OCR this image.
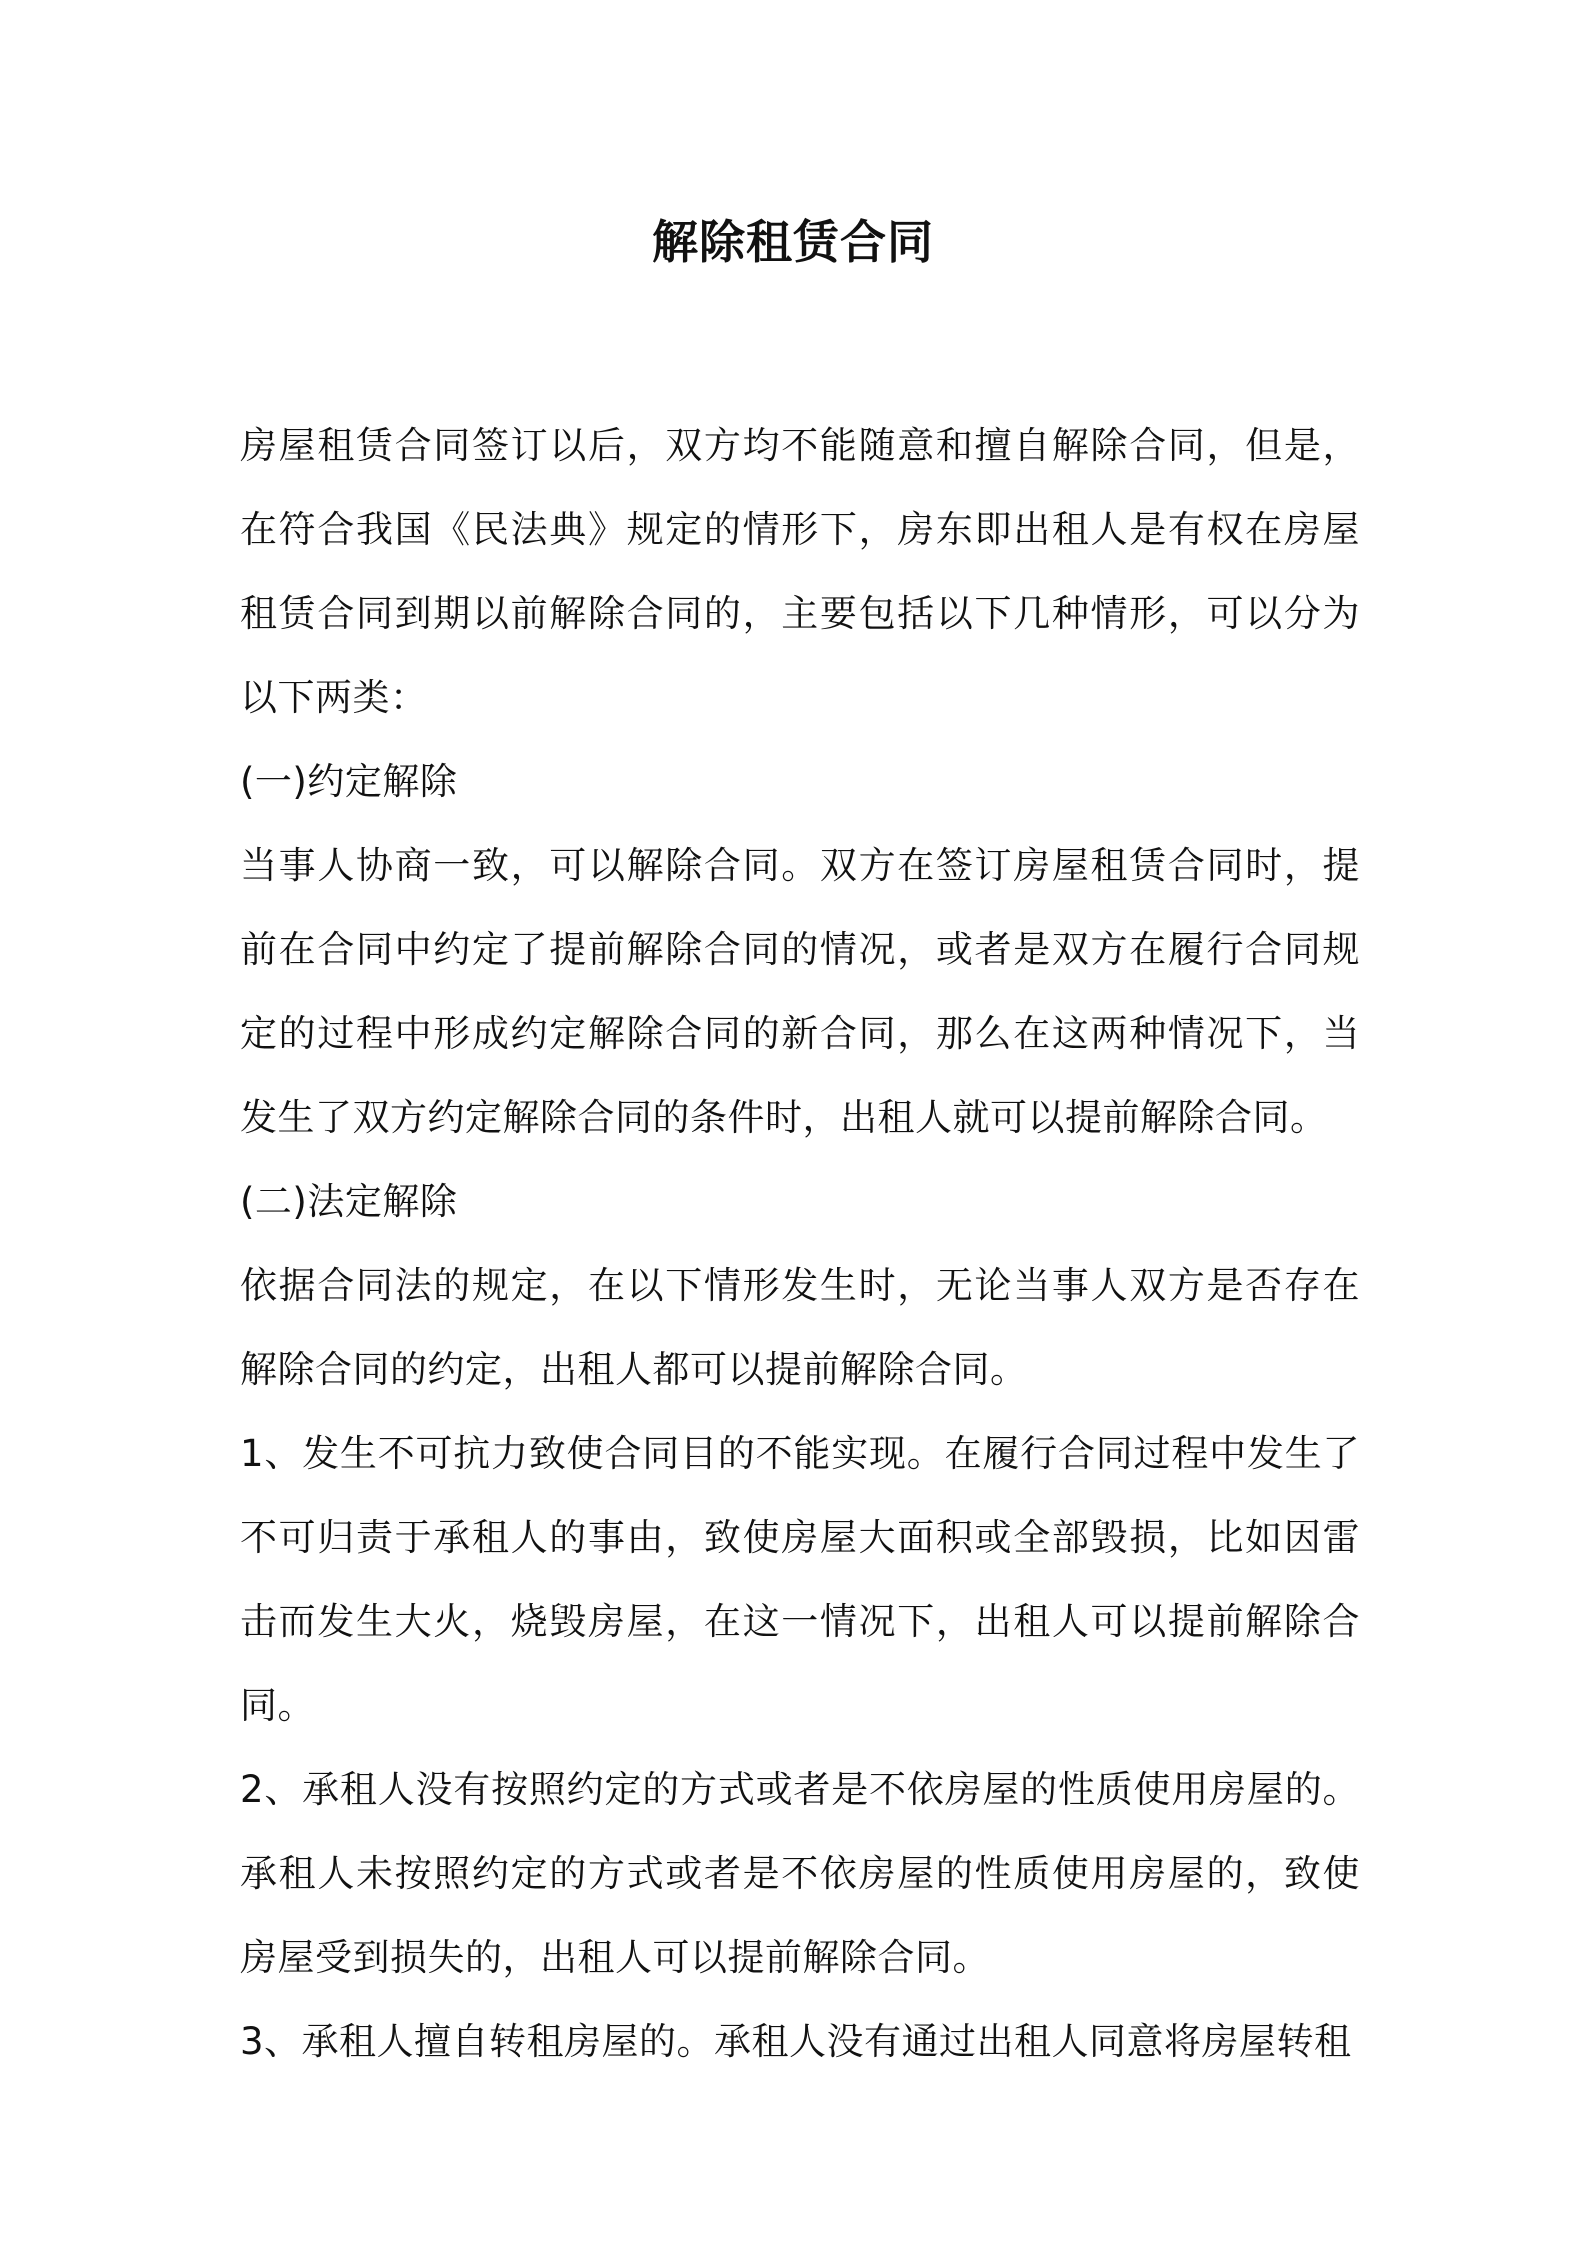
解除租赁合同

房屋租赁合同签订以后，双方均不能随意和擅自解除合同，但是，在符合我国《民法典》规定的情形下，房东即出租人是有权在房屋租赁合同到期以前解除合同的，主要包括以下几种情形，可以分为以下两类：

(一)约定解除

当事人协商一致，可以解除合同。双方在签订房屋租赁合同时，提前在合同中约定了提前解除合同的情况，或者是双方在履行合同规定的过程中形成约定解除合同的新合同，那么在这两种情况下，当发生了双方约定解除合同的条件时，出租人就可以提前解除合同。

(二)法定解除

依据合同法的规定，在以下情形发生时，无论当事人双方是否存在解除合同的约定，出租人都可以提前解除合同。

1、发生不可抗力致使合同目的不能实现。在履行合同过程中发生了不可归责于承租人的事由，致使房屋大面积或全部毁损，比如因雷击而发生大火，烧毁房屋，在这一情况下，出租人可以提前解除合同。

2、承租人没有按照约定的方式或者是不依房屋的性质使用房屋的。承租人未按照约定的方式或者是不依房屋的性质使用房屋的，致使房屋受到损失的，出租人可以提前解除合同。

3、承租人擅自转租房屋的。承租人没有通过出租人同意将房屋转租
